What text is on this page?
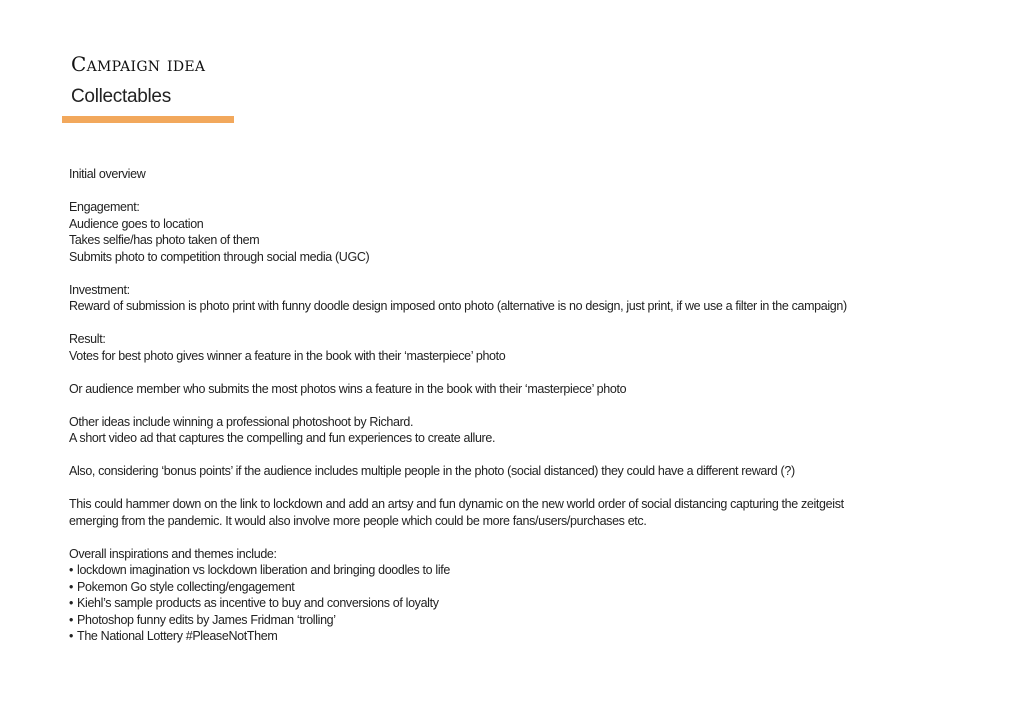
Campaign idea
Collectables

Initial overview

Engagement:

Audience goes to location

Takes selfie/has photo taken of them

Submits photo to competition through social media (UGC)

Investment:

Reward of submission is photo print with funny doodle design imposed onto photo (alternative is no design, just print, if we use a filter in the campaign)

Result:

Votes for best photo gives winner a feature in the book with their ‘masterpiece’ photo

Or audience member who submits the most photos wins a feature in the book with their ‘masterpiece’ photo

Other ideas include winning a professional photoshoot by Richard.

A short video ad that captures the compelling and fun experiences to create allure.

Also, considering ‘bonus points’ if the audience includes multiple people in the photo (social distanced) they could have a different reward (?)

This could hammer down on the link to lockdown and add an artsy and fun dynamic on the new world order of social distancing capturing the zeitgeist

emerging from the pandemic. It would also involve more people which could be more fans/users/purchases etc.

Overall inspirations and themes include:

• lockdown imagination vs lockdown liberation and bringing doodles to life
• Pokemon Go style collecting/engagement
• Kiehl’s sample products as incentive to buy and conversions of loyalty
• Photoshop funny edits by James Fridman ‘trolling’
• The National Lottery #PleaseNotThem
